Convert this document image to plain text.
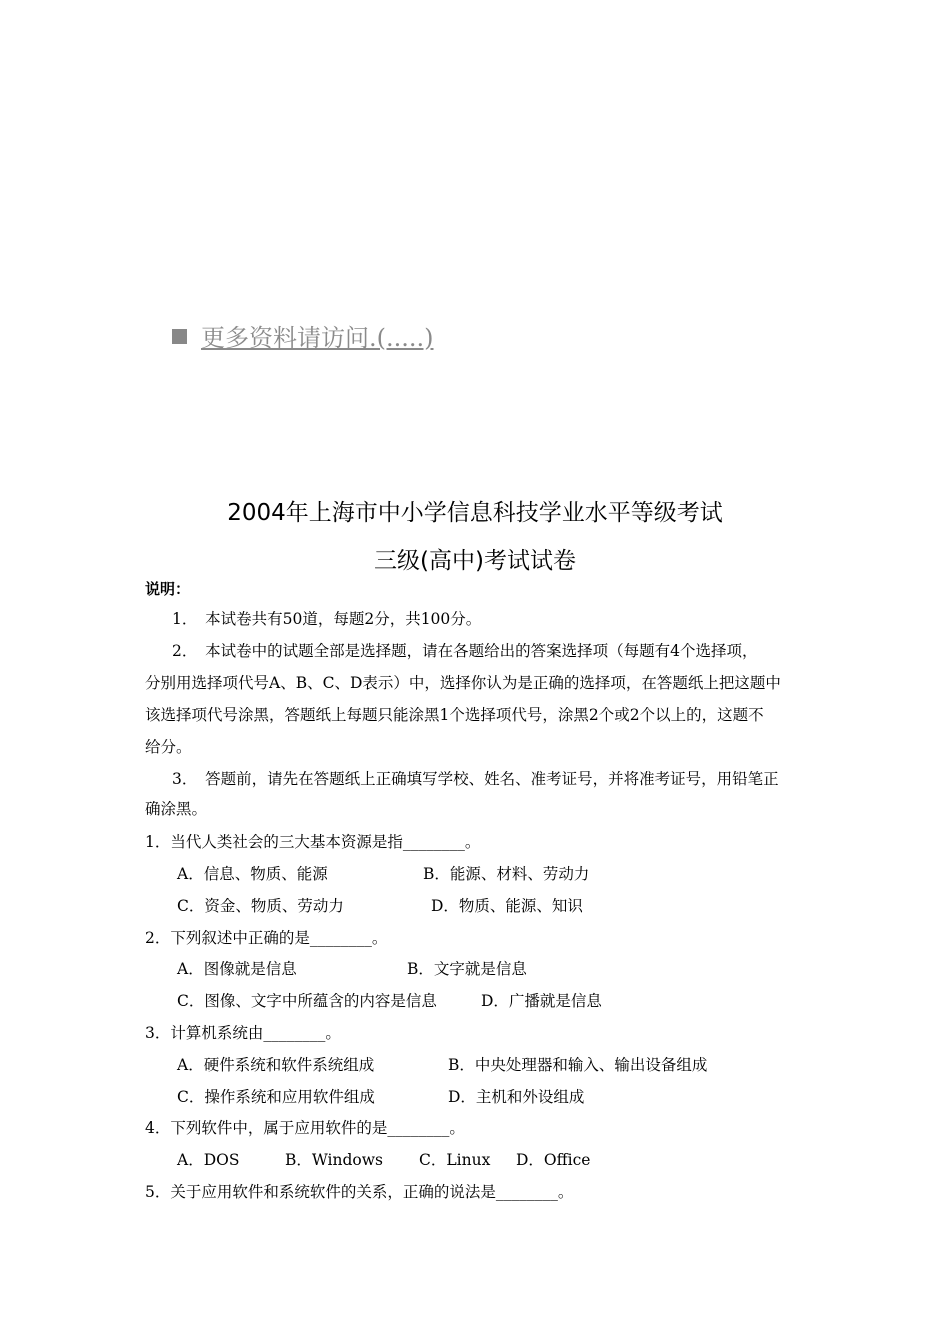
更多资料请访问.(.....)
2004年上海市中小学信息科技学业水平等级考试
三级(高中)考试试卷
说明：
1．　本试卷共有50道，每题2分，共100分。
2．　本试卷中的试题全部是选择题，请在各题给出的答案选择项（每题有4个选择项，
分别用选择项代号A、B、C、D表示）中，选择你认为是正确的选择项，在答题纸上把这题中
该选择项代号涂黑，答题纸上每题只能涂黑1个选择项代号，涂黑2个或2个以上的，这题不
给分。
3．　答题前，请先在答题纸上正确填写学校、姓名、准考证号，并将准考证号，用铅笔正
确涂黑。
1．当代人类社会的三大基本资源是指________。
A．信息、物质、能源	B．能源、材料、劳动力
C．资金、物质、劳动力	D．物质、能源、知识
2．下列叙述中正确的是________。
A．图像就是信息	B．文字就是信息
C．图像、文字中所蕴含的内容是信息	D．广播就是信息
3．计算机系统由________。
A．硬件系统和软件系统组成	B．中央处理器和输入、输出设备组成
C．操作系统和应用软件组成	D．主机和外设组成
4．下列软件中，属于应用软件的是________。
A．DOS	B．Windows C．Linux D．Office
5．关于应用软件和系统软件的关系，正确的说法是________。
